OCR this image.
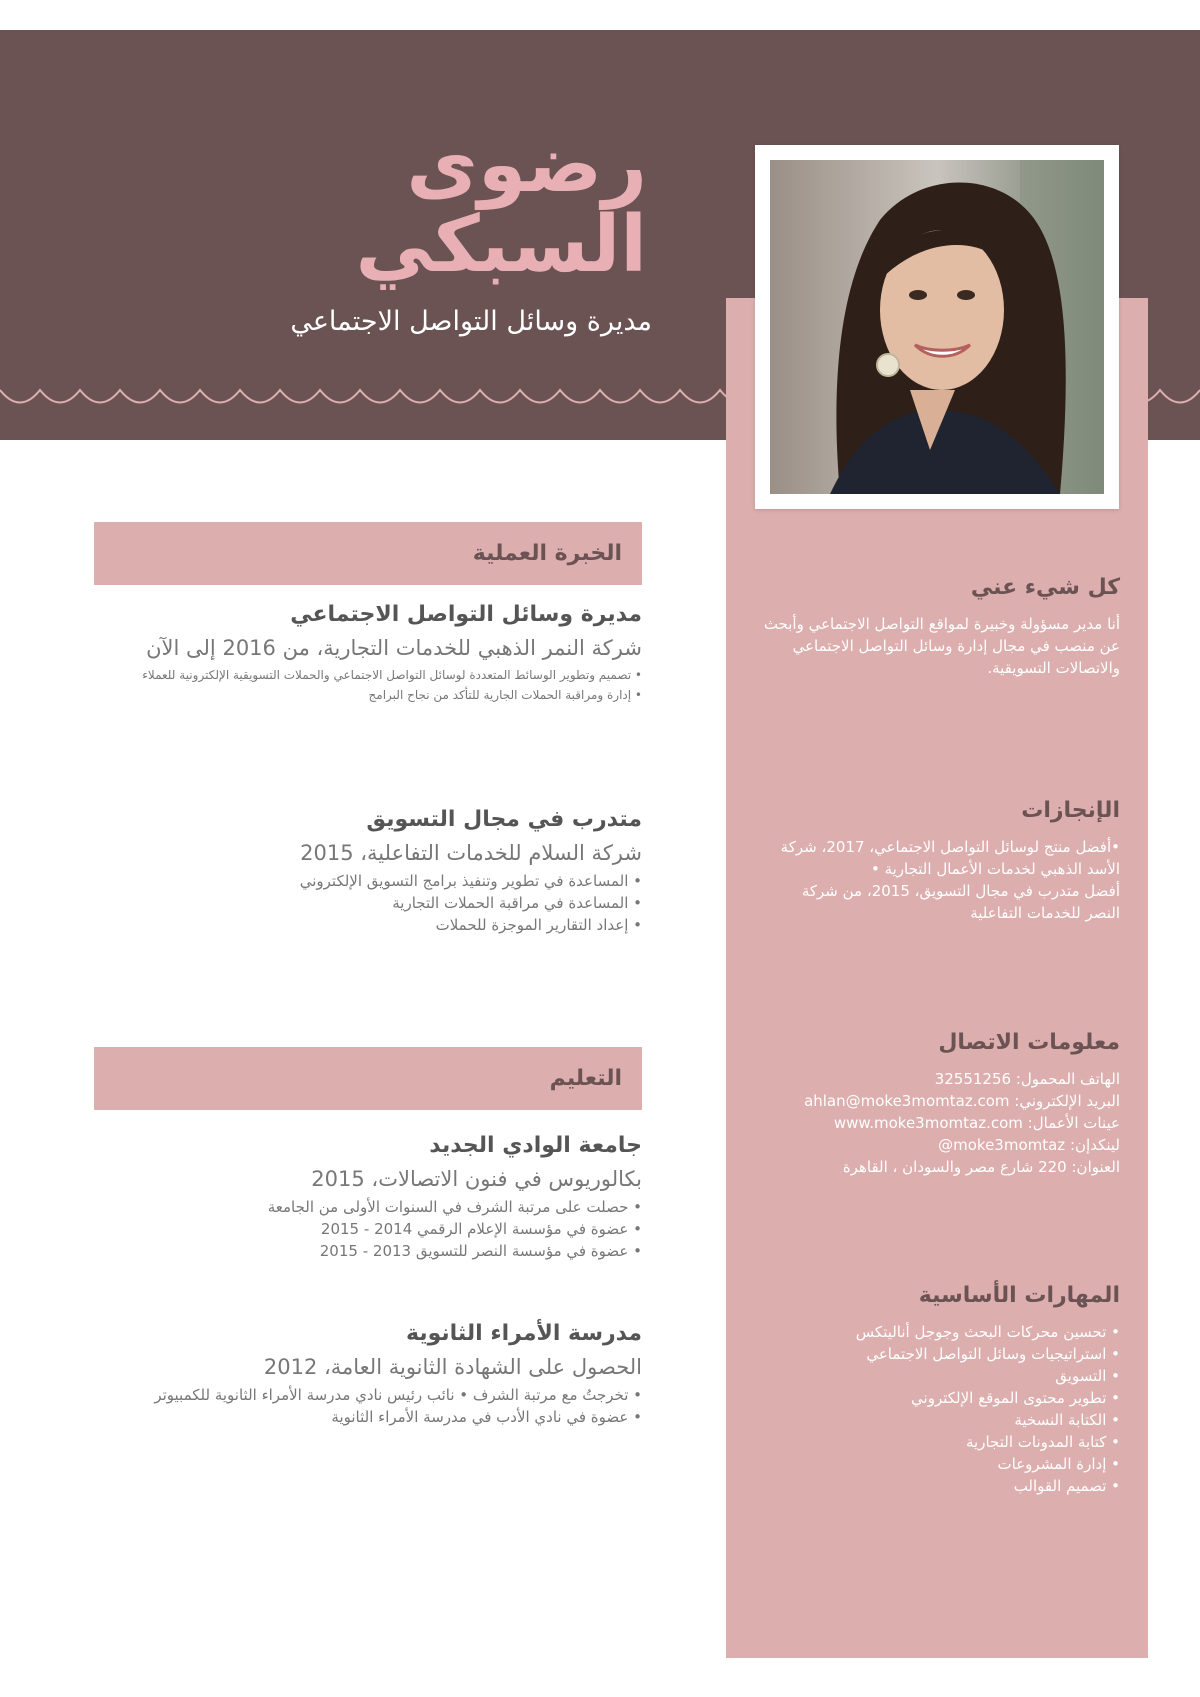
رضوى
السبكي

مديرة وسائل التواصل الاجتماعي

الخبرة العملية

مديرة وسائل التواصل الاجتماعي

شركة النمر الذهبي للخدمات التجارية، من 2016 إلى الآن

• تصميم وتطوير الوسائط المتعددة لوسائل التواصل الاجتماعي والحملات التسويقية الإلكترونية للعملاء
• إدارة ومراقبة الحملات الجارية للتأكد من نجاح البرامج

متدرب في مجال التسويق

شركة السلام للخدمات التفاعلية، 2015

• المساعدة في تطوير وتنفيذ برامج التسويق الإلكتروني
• المساعدة في مراقبة الحملات التجارية
• إعداد التقارير الموجزة للحملات
التعليم

جامعة الوادي الجديد

بكالوريوس في فنون الاتصالات، 2015

• حصلت على مرتبة الشرف في السنوات الأولى من الجامعة
• عضوة في مؤسسة الإعلام الرقمي 2014 - 2015
• عضوة في مؤسسة النصر للتسويق 2013 - 2015

مدرسة الأمراء الثانوية

الحصول على الشهادة الثانوية العامة، 2012

• تخرجتُ مع مرتبة الشرف • نائب رئيس نادي مدرسة الأمراء الثانوية للكمبيوتر
• عضوة في نادي الأدب في مدرسة الأمراء الثانوية
كل شيء عني

أنا مدير مسؤولة وخبيرة لمواقع التواصل الاجتماعي وأبحث عن منصب في مجال إدارة وسائل التواصل الاجتماعي والاتصالات التسويقية.

الإنجازات
•أفضل منتج لوسائل التواصل الاجتماعي، 2017، شركة
الأسد الذهبي لخدمات الأعمال التجارية •
أفضل متدرب في مجال التسويق، 2015، من شركة
النصر للخدمات التفاعلية
معلومات الاتصال
الهاتف المحمول: 32551256
البريد الإلكتروني: ahlan@moke3momtaz.com
عينات الأعمال: www.moke3momtaz.com
لينكدإن: @moke3momtaz
العنوان: 220 شارع مصر والسودان ، القاهرة
المهارات الأساسية
• تحسين محركات البحث وجوجل أناليتكس
• استراتيجيات وسائل التواصل الاجتماعي
• التسويق
• تطوير محتوى الموقع الإلكتروني
• الكتابة النسخية
• كتابة المدونات التجارية
• إدارة المشروعات
• تصميم القوالب
